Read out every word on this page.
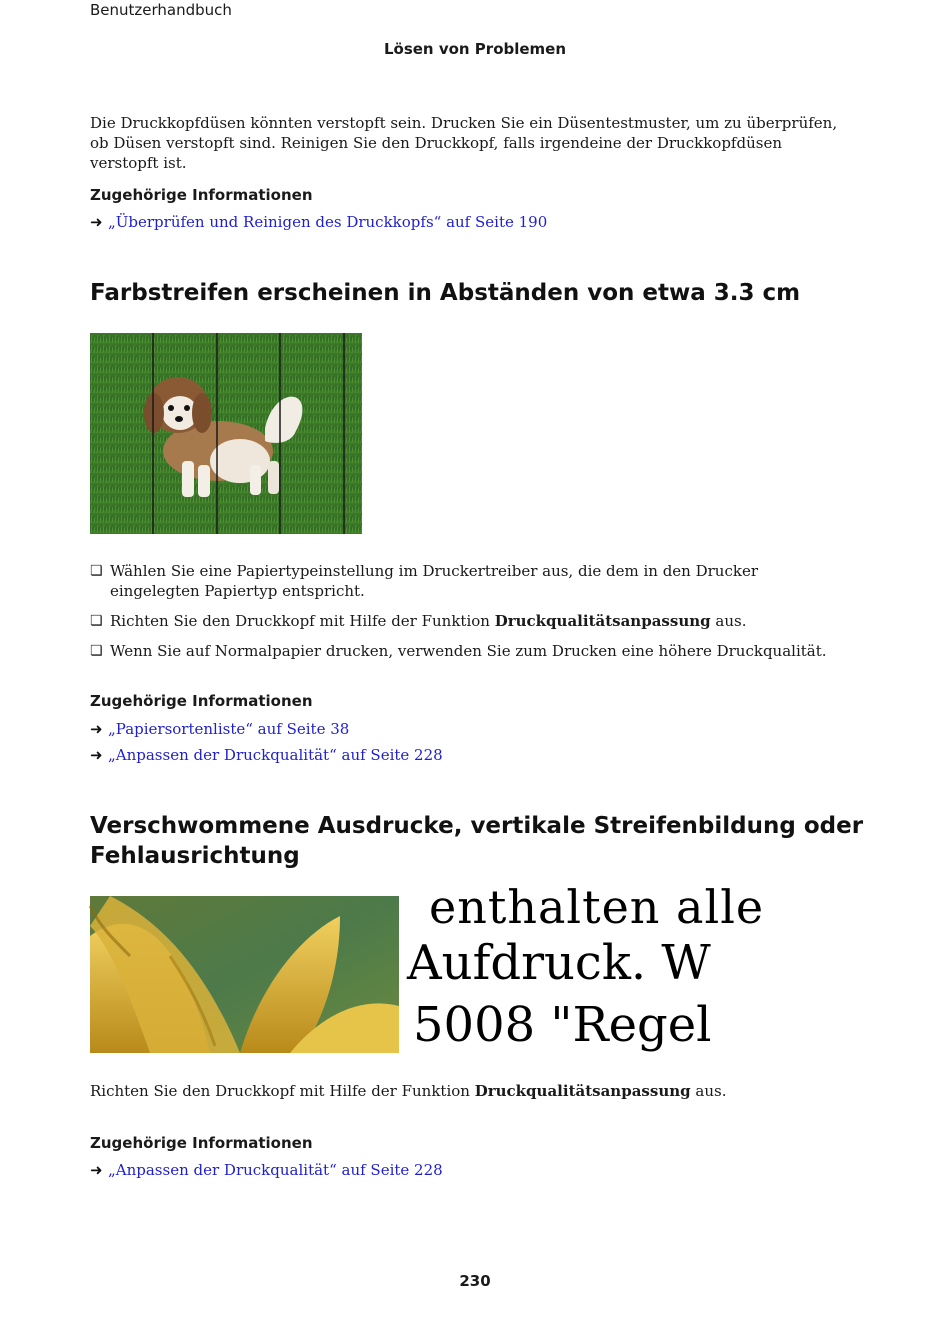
Benutzerhandbuch
Lösen von Problemen
Die Druckkopfdüsen könnten verstopft sein. Drucken Sie ein Düsentestmuster, um zu überprüfen, ob Düsen verstopft sind. Reinigen Sie den Druckkopf, falls irgendeine der Druckkopfdüsen verstopft ist.
Zugehörige Informationen
➜ „Überprüfen und Reinigen des Druckkopfs“ auf Seite 190
Farbstreifen erscheinen in Abständen von etwa 3.3 cm
❏ Wählen Sie eine Papiertypeinstellung im Druckertreiber aus, die dem in den Drucker eingelegten Papiertyp entspricht.
❏ Richten Sie den Druckkopf mit Hilfe der Funktion Druckqualitätsanpassung aus.
❏ Wenn Sie auf Normalpapier drucken, verwenden Sie zum Drucken eine höhere Druckqualität.
Zugehörige Informationen
➜ „Papiersortenliste“ auf Seite 38
➜ „Anpassen der Druckqualität“ auf Seite 228
Verschwommene Ausdrucke, vertikale Streifenbildung oder
Fehlausrichtung
enthalten alle
Aufdruck. W
5008 "Regel
Richten Sie den Druckkopf mit Hilfe der Funktion Druckqualitätsanpassung aus.
Zugehörige Informationen
➜ „Anpassen der Druckqualität“ auf Seite 228
230
